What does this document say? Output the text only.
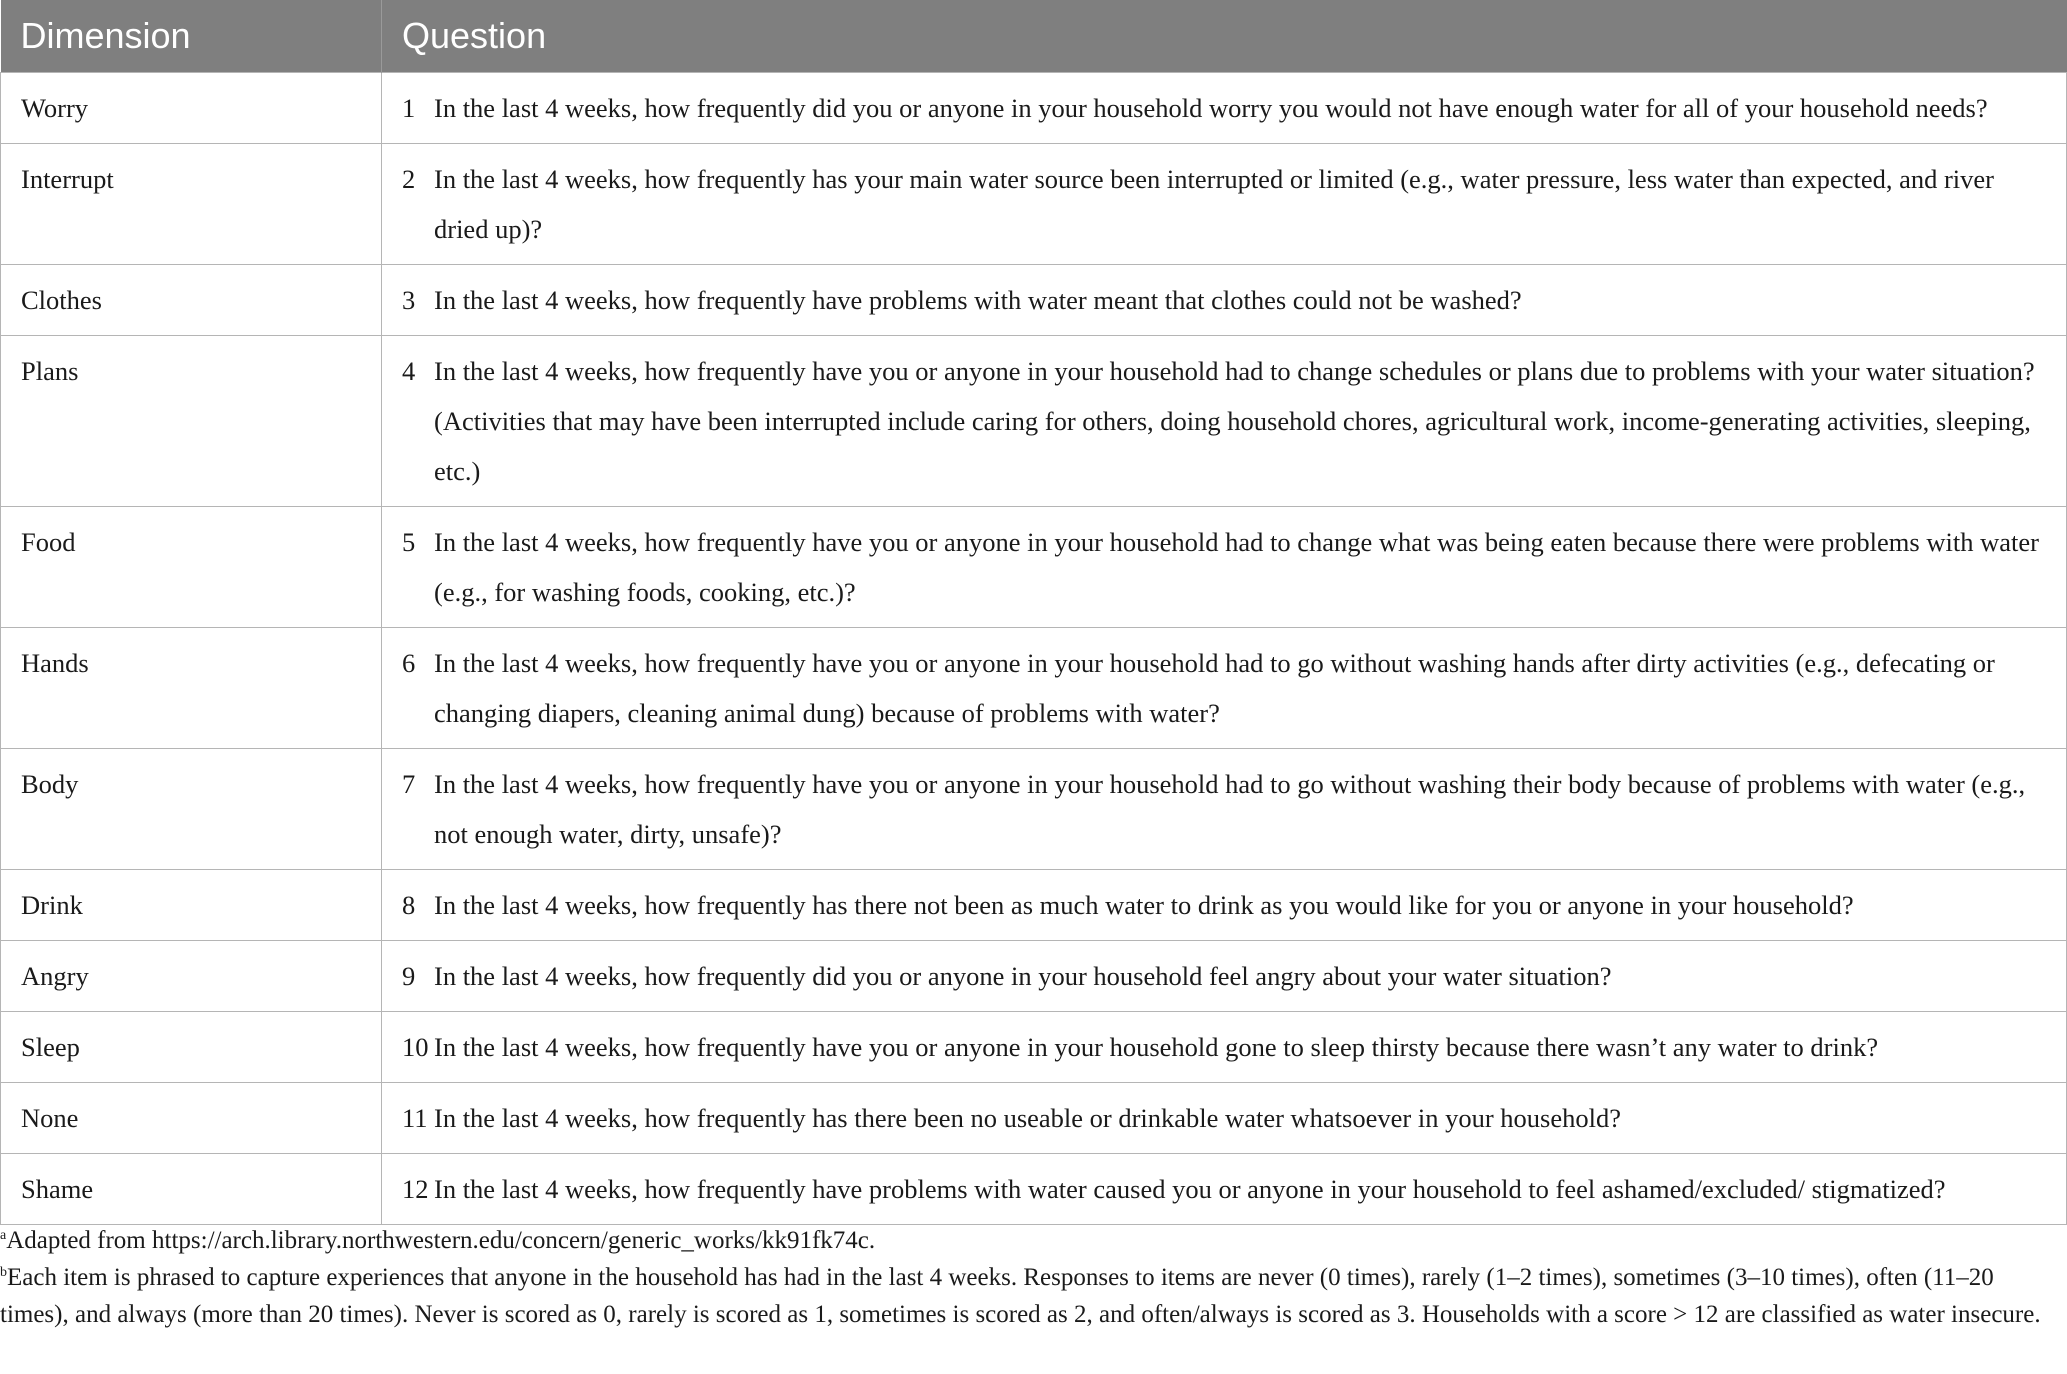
Dimension	Question
Worry	1 In the last 4 weeks, how frequently did you or anyone in your household worry you would not have enough water for all of your household needs?

Interrupt	2 In the last 4 weeks, how frequently has your main water source been interrupted or limited (e.g., water pressure, less water than expected, and river dried up)?

Clothes	3 In the last 4 weeks, how frequently have problems with water meant that clothes could not be washed?

Plans	4 In the last 4 weeks, how frequently have you or anyone in your household had to change schedules or plans due to problems with your water situation? (Activities that may have been interrupted include caring for others, doing household chores, agricultural work, income-generating activities, sleeping, etc.)

Food	5 In the last 4 weeks, how frequently have you or anyone in your household had to change what was being eaten because there were problems with water (e.g., for washing foods, cooking, etc.)?

Hands	6 In the last 4 weeks, how frequently have you or anyone in your household had to go without washing hands after dirty activities (e.g., defecating or changing diapers, cleaning animal dung) because of problems with water?

Body	7 In the last 4 weeks, how frequently have you or anyone in your household had to go without washing their body because of problems with water (e.g., not enough water, dirty, unsafe)?

Drink	8 In the last 4 weeks, how frequently has there not been as much water to drink as you would like for you or anyone in your household?

Angry	9 In the last 4 weeks, how frequently did you or anyone in your household feel angry about your water situation?

Sleep	10 In the last 4 weeks, how frequently have you or anyone in your household gone to sleep thirsty because there wasn’t any water to drink?

None	11 In the last 4 weeks, how frequently has there been no useable or drinkable water whatsoever in your household?

Shame	12 In the last 4 weeks, how frequently have problems with water caused you or anyone in your household to feel ashamed/excluded/ stigmatized?

$^a$Adapted from https://arch.library.northwestern.edu/concern/generic_works/kk91fk74c.

$^b$Each item is phrased to capture experiences that anyone in the household has had in the last 4 weeks. Responses to items are never (0 times), rarely (1–2 times), sometimes (3–10 times), often (11–20 times), and always (more than 20 times). Never is scored as 0, rarely is scored as 1, sometimes is scored as 2, and often/always is scored as 3. Households with a score > 12 are classified as water insecure.
